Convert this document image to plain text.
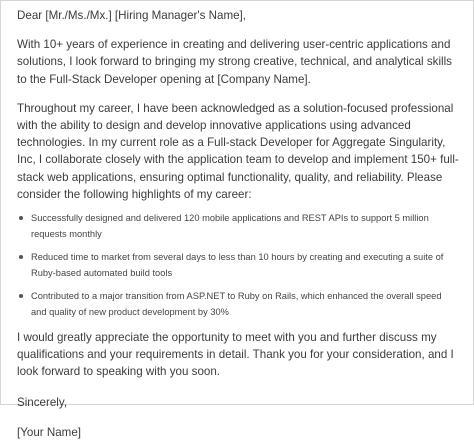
Dear [Mr./Ms./Mx.] [Hiring Manager's Name],

With 10+ years of experience in creating and delivering user-centric applications and solutions, I look forward to bringing my strong creative, technical, and analytical skills to the Full-Stack Developer opening at [Company Name].

Throughout my career, I have been acknowledged as a solution-focused professional with the ability to design and develop innovative applications using advanced technologies. In my current role as a Full-stack Developer for Aggregate Singularity, Inc, I collaborate closely with the application team to develop and implement 150+ full-stack web applications, ensuring optimal functionality, quality, and reliability. Please consider the following highlights of my career:

Successfully designed and delivered 120 mobile applications and REST APIs to support 5 million requests monthly
Reduced time to market from several days to less than 10 hours by creating and executing a suite of Ruby-based automated build tools
Contributed to a major transition from ASP.NET to Ruby on Rails, which enhanced the overall speed and quality of new product development by 30%

I would greatly appreciate the opportunity to meet with you and further discuss my qualifications and your requirements in detail. Thank you for your consideration, and I look forward to speaking with you soon.

Sincerely,

[Your Name]
